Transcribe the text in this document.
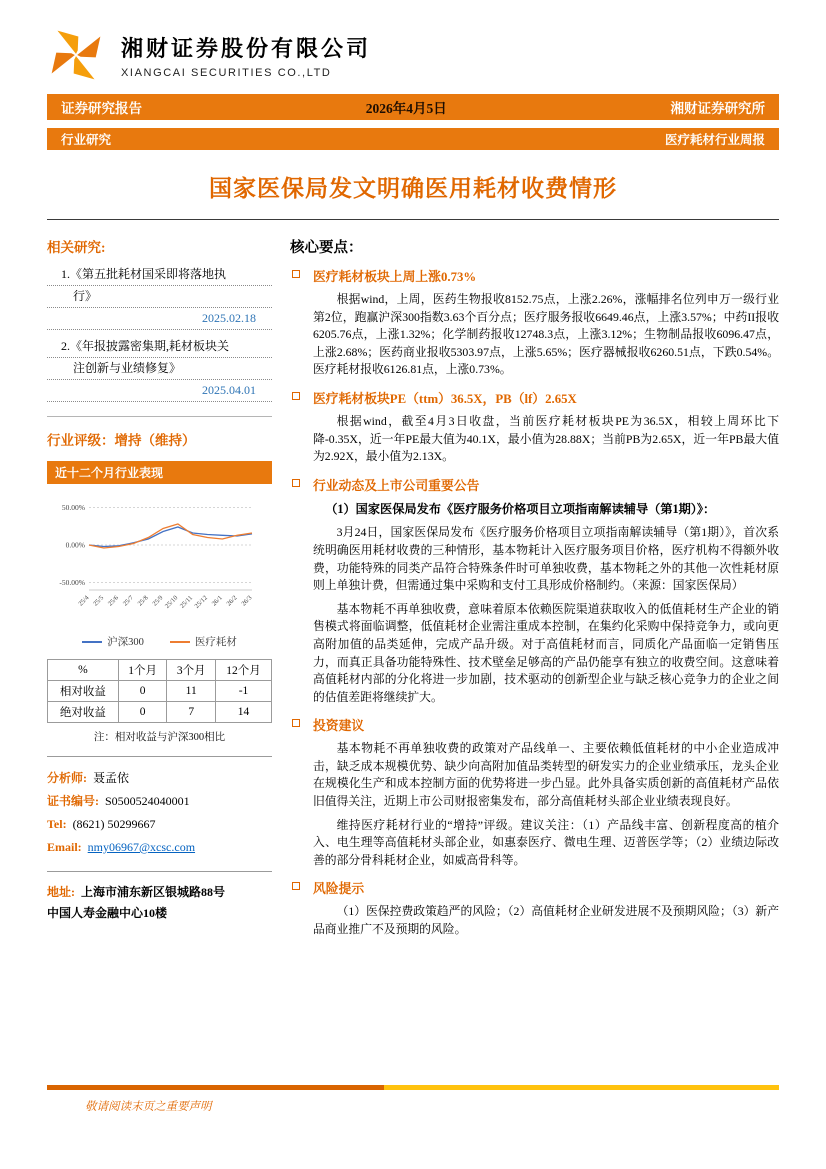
湘财证券股份有限公司
XIANGCAI SECURITIES CO.,LTD
证券研究报告	2026年4月5日	湘财证券研究所
行业研究	医疗耗材行业周报
国家医保局发文明确医用耗材收费情形
相关研究:
1.《第五批耗材国采即将落地执
行》
2025.02.18
2.《年报披露密集期,耗材板块关
注创新与业绩修复》
2025.04.01
行业评级：增持（维持）
近十二个月行业表现
50.00%
0.00%
-50.00%
25/4 25/5 25/6 25/7 25/8 25/9 25/10 25/11 25/12 26/1 26/2 26/3
沪深300	医疗耗材
%	1个月	3个月	12个月
相对收益	0	11	-1
绝对收益	0	7	14
注：相对收益与沪深300相比
分析师: 聂孟依
证书编号: S0500524040001
Tel: (8621) 50299667
Email: nmy06967@xcsc.com
地址: 上海市浦东新区银城路88号
中国人寿金融中心10楼
核心要点：
医疗耗材板块上周上涨0.73%

根据wind，上周，医药生物报收8152.75点，上涨2.26%，涨幅排名位列申万一级行业第2位，跑赢沪深300指数3.63个百分点；医疗服务报收6649.46点，上涨3.57%；中药II报收6205.76点，上涨1.32%；化学制药报收12748.3点，上涨3.12%；生物制品报收6096.47点，上涨2.68%；医药商业报收5303.97点，上涨5.65%；医疗器械报收6260.51点，下跌0.54%。医疗耗材报收6126.81点，上涨0.73%。

医疗耗材板块PE（ttm）36.5X，PB（lf）2.65X

根据wind，截至4月3日收盘，当前医疗耗材板块PE为36.5X，相较上周环比下降-0.35X，近一年PE最大值为40.1X，最小值为28.88X；当前PB为2.65X，近一年PB最大值为2.92X，最小值为2.13X。

行业动态及上市公司重要公告
（1）国家医保局发布《医疗服务价格项目立项指南解读辅导（第1期）》：

3月24日，国家医保局发布《医疗服务价格项目立项指南解读辅导（第1期）》，首次系统明确医用耗材收费的三种情形，基本物耗计入医疗服务项目价格，医疗机构不得额外收费，功能特殊的同类产品符合特殊条件时可单独收费，基本物耗之外的其他一次性耗材原则上单独计费，但需通过集中采购和支付工具形成价格制约。（来源：国家医保局）

基本物耗不再单独收费，意味着原本依赖医院渠道获取收入的低值耗材生产企业的销售模式将面临调整，低值耗材企业需注重成本控制，在集约化采购中保持竞争力，或向更高附加值的品类延伸，完成产品升级。对于高值耗材而言，同质化产品面临一定销售压力，而真正具备功能特殊性、技术壁垒足够高的产品仍能享有独立的收费空间。这意味着高值耗材内部的分化将进一步加剧，技术驱动的创新型企业与缺乏核心竞争力的企业之间的估值差距将继续扩大。

投资建议

基本物耗不再单独收费的政策对产品线单一、主要依赖低值耗材的中小企业造成冲击，缺乏成本规模优势、缺少向高附加值品类转型的研发实力的企业业绩承压，龙头企业在规模化生产和成本控制方面的优势将进一步凸显。此外具备实质创新的高值耗材产品依旧值得关注，近期上市公司财报密集发布，部分高值耗材头部企业业绩表现良好。

维持医疗耗材行业的“增持”评级。建议关注：（1）产品线丰富、创新程度高的植介入、电生理等高值耗材头部企业，如惠泰医疗、微电生理、迈普医学等；（2）业绩边际改善的部分骨科耗材企业，如威高骨科等。

风险提示

（1）医保控费政策趋严的风险；（2）高值耗材企业研发进展不及预期风险；（3）新产品商业推广不及预期的风险。

敬请阅读末页之重要声明
